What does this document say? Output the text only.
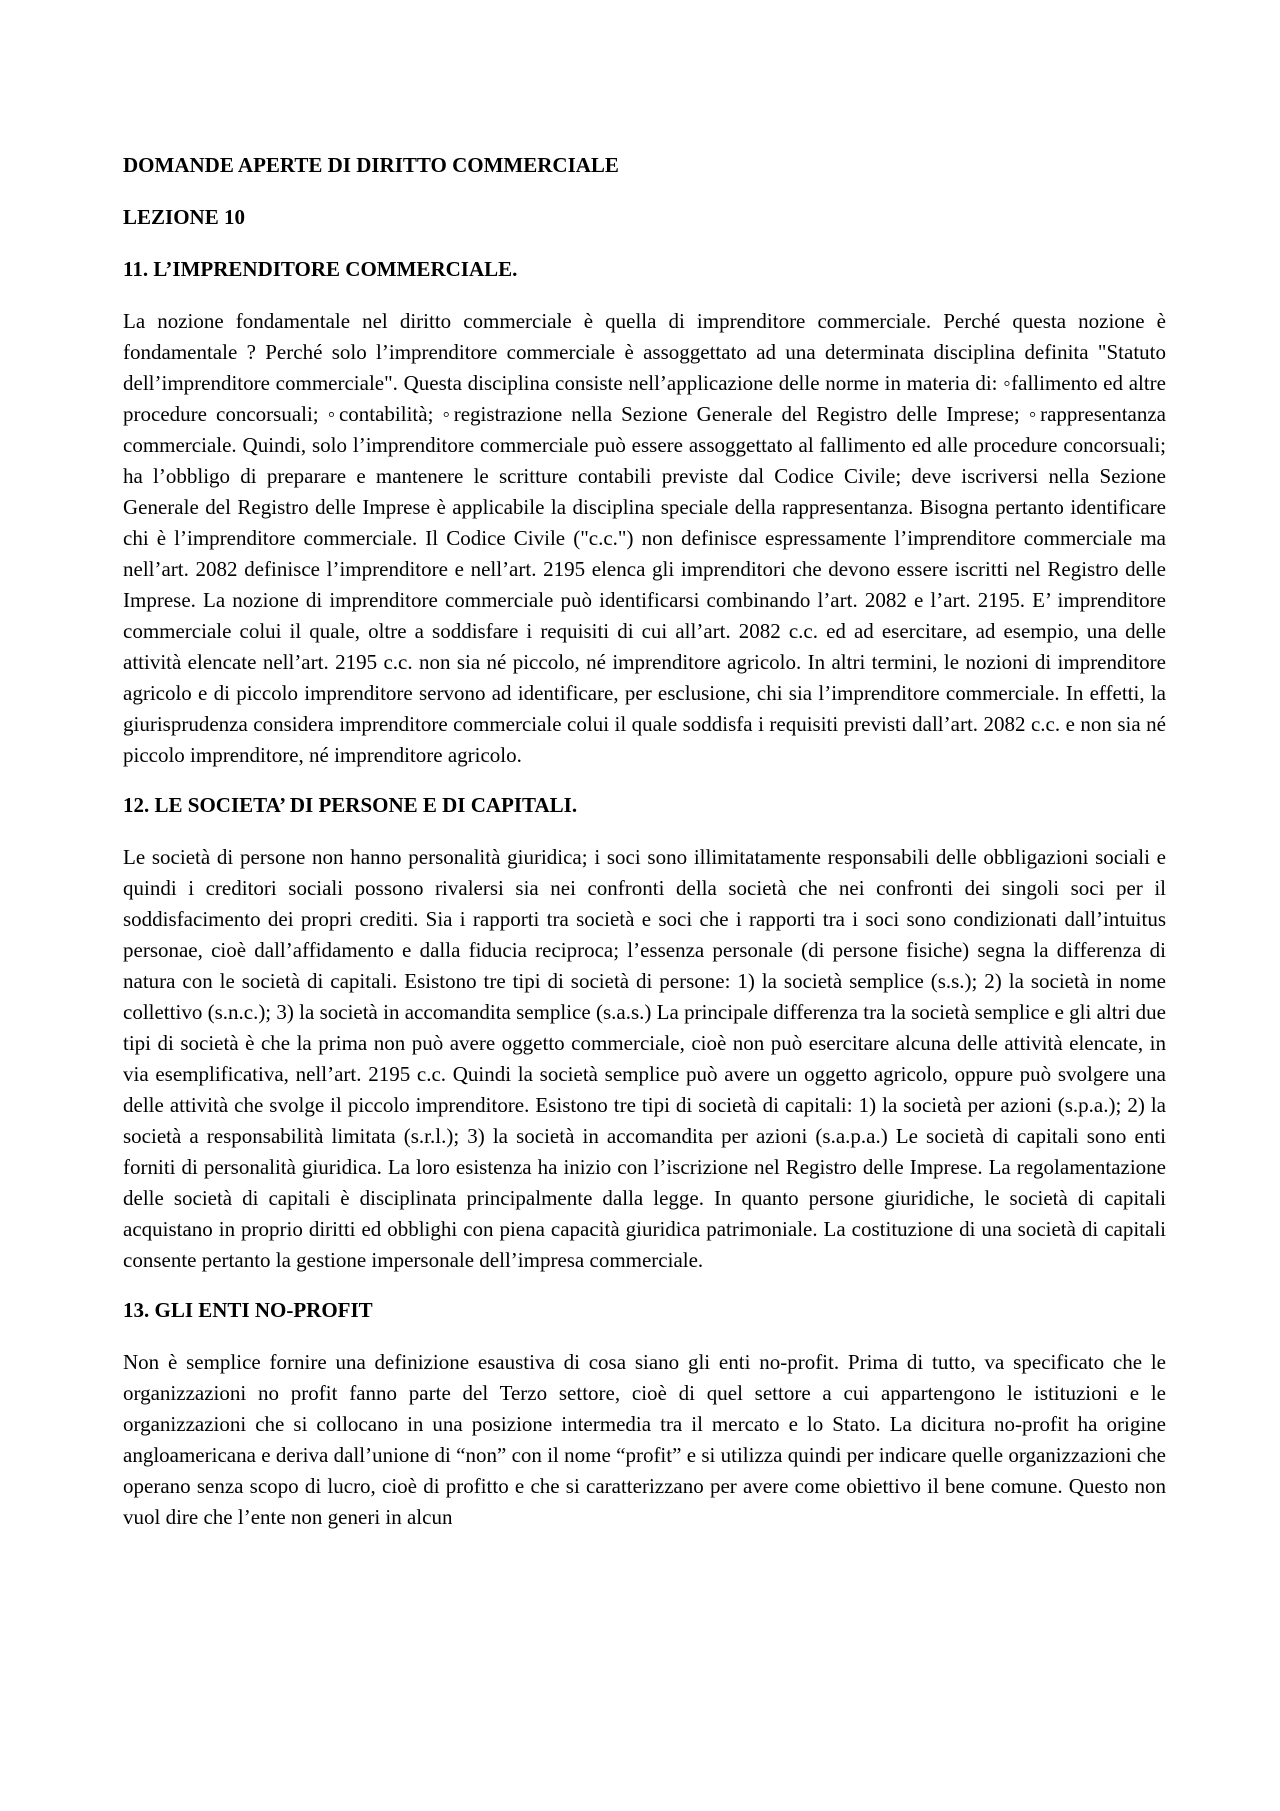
DOMANDE APERTE DI DIRITTO COMMERCIALE
LEZIONE 10
11. L’IMPRENDITORE COMMERCIALE.

La nozione fondamentale nel diritto commerciale è quella di imprenditore commerciale. Perché questa nozione è fondamentale ? Perché solo l’imprenditore commerciale è assoggettato ad una determinata disciplina definita "Statuto dell’imprenditore commerciale". Questa disciplina consiste nell’applicazione delle norme in materia di: ◦fallimento ed altre procedure concorsuali; ◦contabilità; ◦registrazione nella Sezione Generale del Registro delle Imprese; ◦rappresentanza commerciale. Quindi, solo l’imprenditore commerciale può essere assoggettato al fallimento ed alle procedure concorsuali; ha l’obbligo di preparare e mantenere le scritture contabili previste dal Codice Civile; deve iscriversi nella Sezione Generale del Registro delle Imprese è applicabile la disciplina speciale della rappresentanza. Bisogna pertanto identificare chi è l’imprenditore commerciale. Il Codice Civile ("c.c.") non definisce espressamente l’imprenditore commerciale ma nell’art. 2082 definisce l’imprenditore e nell’art. 2195 elenca gli imprenditori che devono essere iscritti nel Registro delle Imprese. La nozione di imprenditore commerciale può identificarsi combinando l’art. 2082 e l’art. 2195. E’ imprenditore commerciale colui il quale, oltre a soddisfare i requisiti di cui all’art. 2082 c.c. ed ad esercitare, ad esempio, una delle attività elencate nell’art. 2195 c.c. non sia né piccolo, né imprenditore agricolo. In altri termini, le nozioni di imprenditore agricolo e di piccolo imprenditore servono ad identificare, per esclusione, chi sia l’imprenditore commerciale. In effetti, la giurisprudenza considera imprenditore commerciale colui il quale soddisfa i requisiti previsti dall’art. 2082 c.c. e non sia né piccolo imprenditore, né imprenditore agricolo.

12. LE SOCIETA’ DI PERSONE E DI CAPITALI.

Le società di persone non hanno personalità giuridica; i soci sono illimitatamente responsabili delle obbligazioni sociali e quindi i creditori sociali possono rivalersi sia nei confronti della società che nei confronti dei singoli soci per il soddisfacimento dei propri crediti. Sia i rapporti tra società e soci che i rapporti tra i soci sono condizionati dall’intuitus personae, cioè dall’affidamento e dalla fiducia reciproca; l’essenza personale (di persone fisiche) segna la differenza di natura con le società di capitali. Esistono tre tipi di società di persone: 1) la società semplice (s.s.); 2) la società in nome collettivo (s.n.c.); 3) la società in accomandita semplice (s.a.s.) La principale differenza tra la società semplice e gli altri due tipi di società è che la prima non può avere oggetto commerciale, cioè non può esercitare alcuna delle attività elencate, in via esemplificativa, nell’art. 2195 c.c. Quindi la società semplice può avere un oggetto agricolo, oppure può svolgere una delle attività che svolge il piccolo imprenditore. Esistono tre tipi di società di capitali: 1) la società per azioni (s.p.a.); 2) la società a responsabilità limitata (s.r.l.); 3) la società in accomandita per azioni (s.a.p.a.) Le società di capitali sono enti forniti di personalità giuridica. La loro esistenza ha inizio con l’iscrizione nel Registro delle Imprese. La regolamentazione delle società di capitali è disciplinata principalmente dalla legge. In quanto persone giuridiche, le società di capitali acquistano in proprio diritti ed obblighi con piena capacità giuridica patrimoniale. La costituzione di una società di capitali consente pertanto la gestione impersonale dell’impresa commerciale.

13. GLI ENTI NO-PROFIT

Non è semplice fornire una definizione esaustiva di cosa siano gli enti no-profit. Prima di tutto, va specificato che le organizzazioni no profit fanno parte del Terzo settore, cioè di quel settore a cui appartengono le istituzioni e le organizzazioni che si collocano in una posizione intermedia tra il mercato e lo Stato. La dicitura no-profit ha origine angloamericana e deriva dall’unione di “non” con il nome “profit” e si utilizza quindi per indicare quelle organizzazioni che operano senza scopo di lucro, cioè di profitto e che si caratterizzano per avere come obiettivo il bene comune. Questo non vuol dire che l’ente non generi in alcun
